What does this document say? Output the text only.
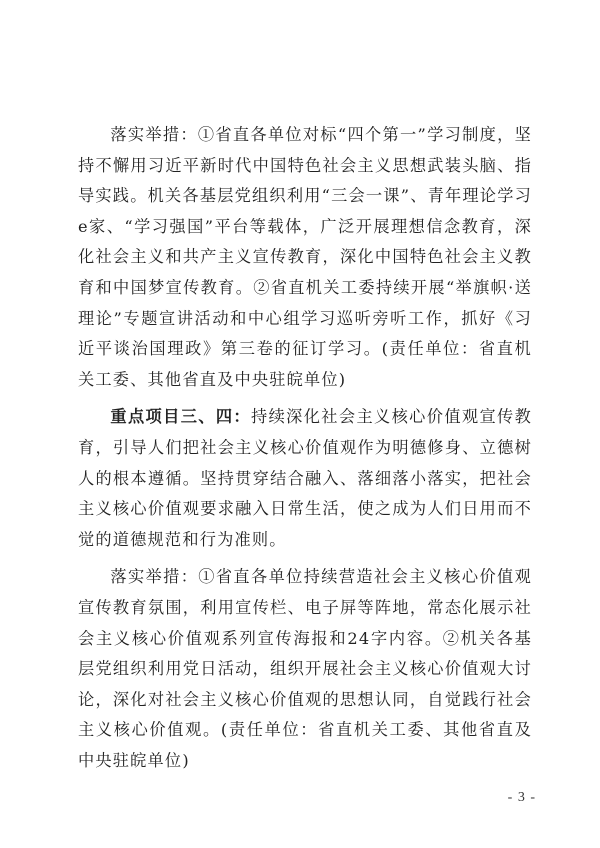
落实举措：①省直各单位对标“四个第一”学习制度，坚持不懈用习近平新时代中国特色社会主义思想武装头脑、指导实践。机关各基层党组织利用“三会一课”、青年理论学习e家、“学习强国”平台等载体，广泛开展理想信念教育，深化社会主义和共产主义宣传教育，深化中国特色社会主义教育和中国梦宣传教育。②省直机关工委持续开展“举旗帜·送理论”专题宣讲活动和中心组学习巡听旁听工作，抓好《习近平谈治国理政》第三卷的征订学习。(责任单位：省直机关工委、其他省直及中央驻皖单位)

重点项目三、四：持续深化社会主义核心价值观宣传教育，引导人们把社会主义核心价值观作为明德修身、立德树人的根本遵循。坚持贯穿结合融入、落细落小落实，把社会主义核心价值观要求融入日常生活，使之成为人们日用而不觉的道德规范和行为准则。

落实举措：①省直各单位持续营造社会主义核心价值观宣传教育氛围，利用宣传栏、电子屏等阵地，常态化展示社会主义核心价值观系列宣传海报和24字内容。②机关各基层党组织利用党日活动，组织开展社会主义核心价值观大讨论，深化对社会主义核心价值观的思想认同，自觉践行社会主义核心价值观。(责任单位：省直机关工委、其他省直及中央驻皖单位)

- 3 -
